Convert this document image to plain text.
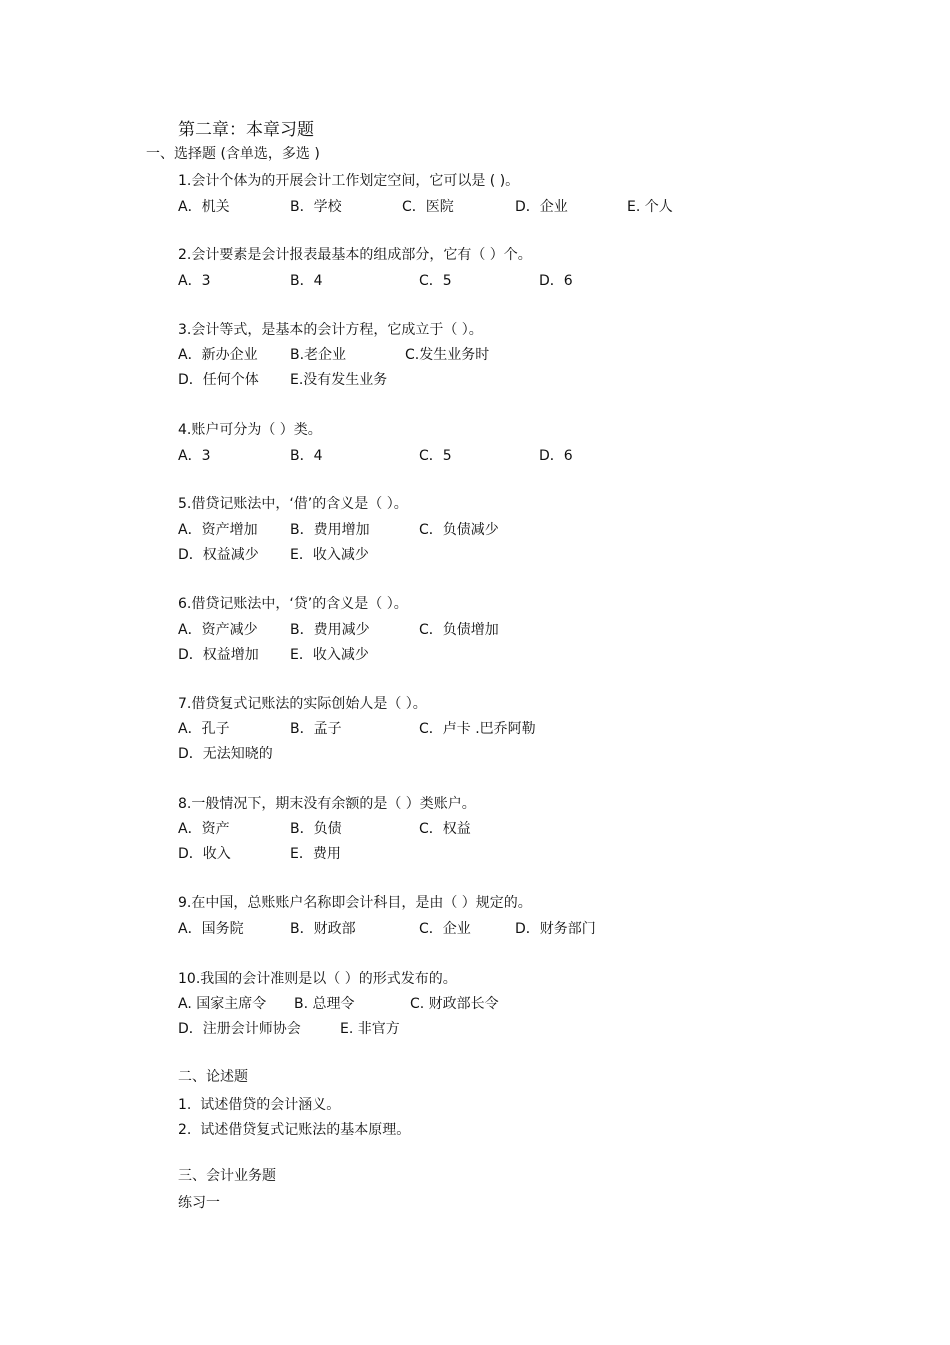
第二章：本章习题
一、选择题 (含单选，多选 )
1.会计个体为的开展会计工作划定空间，它可以是 ( )。
A．机关	B．学校	C．医院	D．企业	E. 个人
2.会计要素是会计报表最基本的组成部分，它有（ ）个。
A．3	B．4	C．5	D．6
3.会计等式，是基本的会计方程，它成立于（ ）。
A．新办企业 B.老企业	C.发生业务时
D．任何个体 E.没有发生业务
4.账户可分为（ ）类。
A．3	B．4	C．5	D．6
5.借贷记账法中，‘借’的含义是（ ）。
A．资产增加 B．费用增加	C．负债减少
D．权益减少 E．收入减少
6.借贷记账法中，‘贷’的含义是（ ）。
A．资产减少 B．费用减少	C．负债增加
D．权益增加 E．收入减少
7.借贷复式记账法的实际创始人是（ ）。
A．孔子	B．孟子	C．卢卡 .巴乔阿勒
D．无法知晓的
8.一般情况下，期末没有余额的是（ ）类账户。
A．资产	B．负债	C．权益
D．收入	E．费用
9.在中国，总账账户名称即会计科目，是由（ ）规定的。
A．国务院	B．财政部	C．企业	D．财务部门
10.我国的会计准则是以（ ）的形式发布的。
A. 国家主席令 B. 总理令	C. 财政部长令
D．注册会计师协会	E. 非官方
二、论述题
1.  试述借贷的会计涵义。
2.  试述借贷复式记账法的基本原理。
三、会计业务题
练习一
